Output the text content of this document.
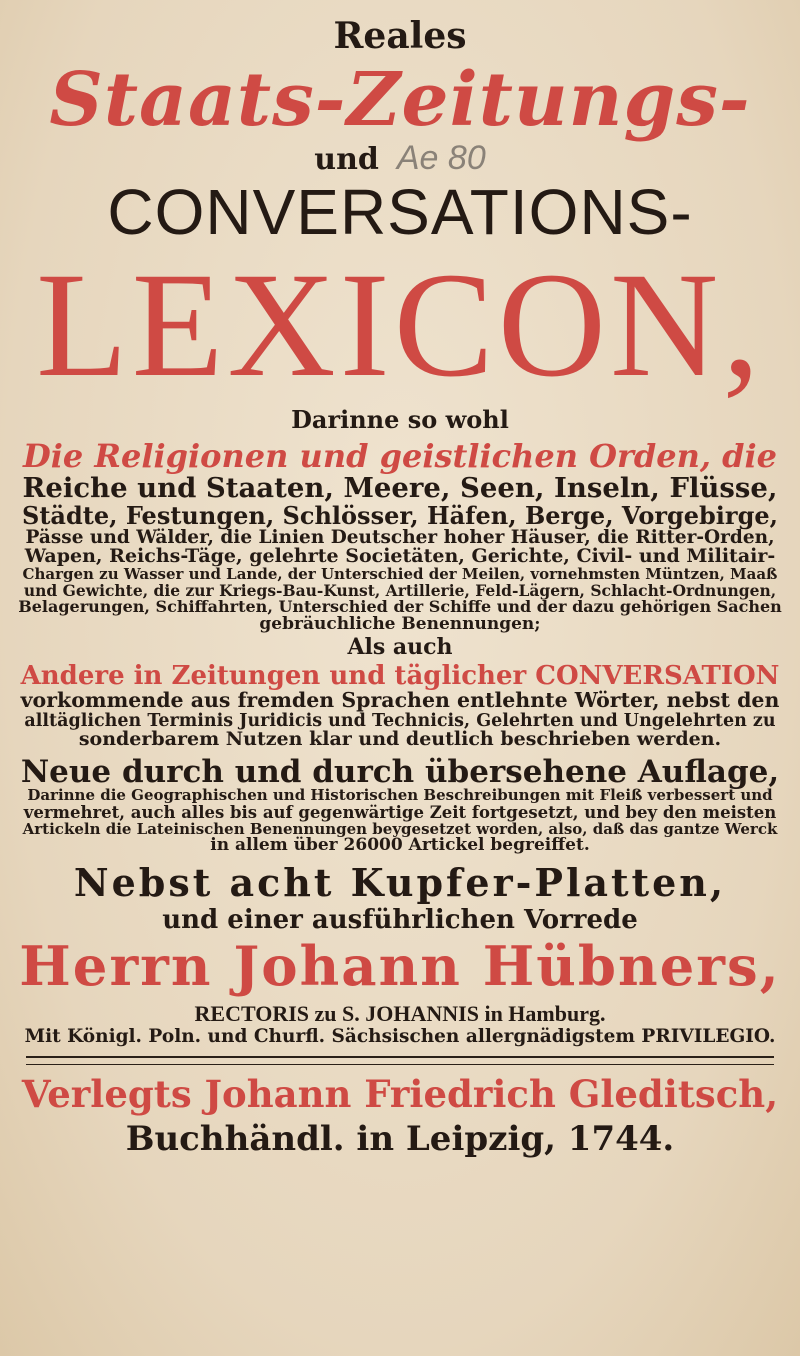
Reales
Staats-Zeitungs-
und Ae 80
CONVERSATIONS-
LEXICON,
Darinne so wohl
Die Religionen und geistlichen Orden, die
Reiche und Staaten, Meere, Seen, Inseln, Flüsse,
Städte, Festungen, Schlösser, Häfen, Berge, Vorgebirge,
Pässe und Wälder, die Linien Deutscher hoher Häuser, die Ritter-Orden,
Wapen, Reichs-Täge, gelehrte Societäten, Gerichte, Civil- und Militair-
Chargen zu Wasser und Lande, der Unterschied der Meilen, vornehmsten Müntzen, Maaß
und Gewichte, die zur Kriegs-Bau-Kunst, Artillerie, Feld-Lägern, Schlacht-Ordnungen,
Belagerungen, Schiffahrten, Unterschied der Schiffe und der dazu gehörigen Sachen
gebräuchliche Benennungen;
Als auch
Andere in Zeitungen und täglicher CONVERSATION
vorkommende aus fremden Sprachen entlehnte Wörter, nebst den
alltäglichen Terminis Juridicis und Technicis, Gelehrten und Ungelehrten zu
sonderbarem Nutzen klar und deutlich beschrieben werden.
Neue durch und durch übersehene Auflage,
Darinne die Geographischen und Historischen Beschreibungen mit Fleiß verbessert und
vermehret, auch alles bis auf gegenwärtige Zeit fortgesetzt, und bey den meisten
Artickeln die Lateinischen Benennungen beygesetzet worden, also, daß das gantze Werck
in allem über 26000 Artickel begreiffet.
Nebst acht Kupfer-Platten,
und einer ausführlichen Vorrede
Herrn Johann Hübners,
RECTORIS zu S. JOHANNIS in Hamburg.
Mit Königl. Poln. und Churfl. Sächsischen allergnädigstem PRIVILEGIO.
Verlegts Johann Friedrich Gleditsch,
Buchhändl. in Leipzig, 1744.
